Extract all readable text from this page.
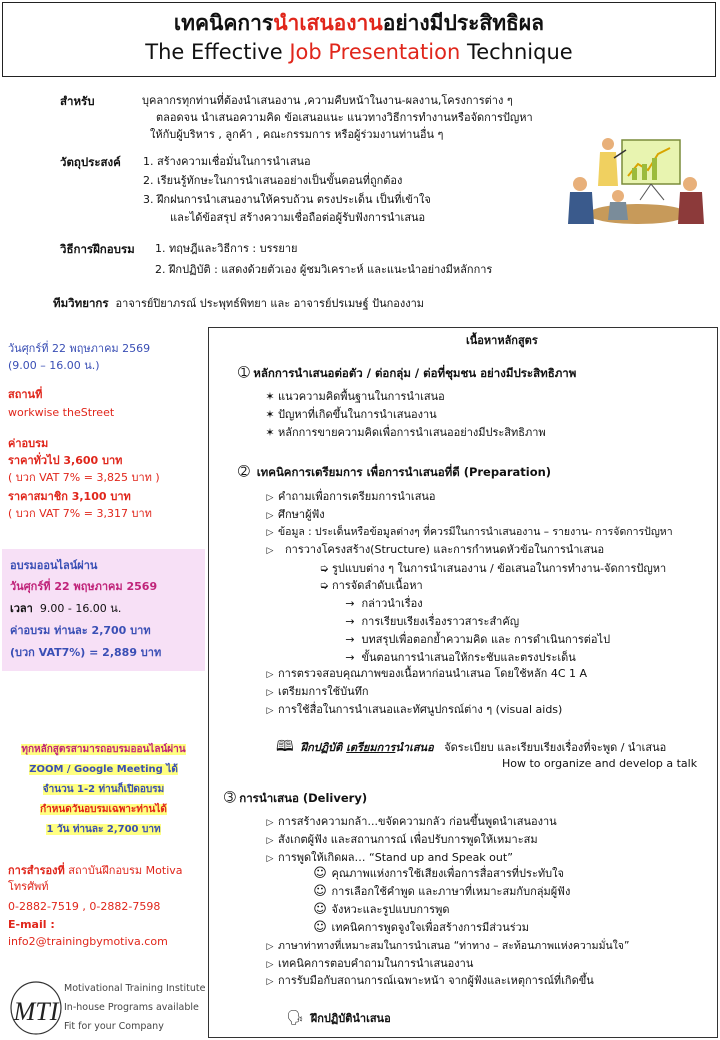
เทคนิคการนำเสนองานอย่างมีประสิทธิผล
The Effective Job Presentation Technique
สำหรับ	บุคลากรทุกท่านที่ต้องนำเสนองาน ,ความคืบหน้าในงาน-ผลงาน,โครงการต่าง ๆ
ตลอดจน นำเสนอความคิด ข้อเสนอแนะ แนวทางวิธีการทำงานหรือจัดการปัญหา
ให้กับผู้บริหาร , ลูกค้า , คณะกรรมการ หรือผู้ร่วมงานท่านอื่น ๆ
วัตถุประสงค์ 1. สร้างความเชื่อมั่นในการนำเสนอ
2. เรียนรู้ทักษะในการนำเสนออย่างเป็นขั้นตอนที่ถูกต้อง
3. ฝึกฝนการนำเสนองานให้ครบถ้วน ตรงประเด็น เป็นที่เข้าใจ
และได้ข้อสรุป สร้างความเชื่อถือต่อผู้รับฟังการนำเสนอ
วิธีการฝึกอบรม 1. ทฤษฎีและวิธีการ : บรรยาย
2. ฝึกปฏิบัติ : แสดงด้วยตัวเอง ผู้ชมวิเคราะห์ และแนะนำอย่างมีหลักการ
ทีมวิทยากร อาจารย์ปิยาภรณ์ ประพุทธ์พิทยา และ อาจารย์ปรเมษฐ์ ปันกองงาม
วันศุกร์ที่ 22 พฤษภาคม 2569
(9.00 – 16.00 น.)
สถานที่
workwise theStreet
ค่าอบรม
ราคาทั่วไป 3,600 บาท
( บวก VAT 7% = 3,825 บาท )
ราคาสมาชิก 3,100 บาท
( บวก VAT 7% = 3,317 บาท
อบรมออนไลน์ผ่าน
วันศุกร์ที่ 22 พฤษภาคม 2569
เวลา 9.00 - 16.00 น.
ค่าอบรม ท่านละ 2,700 บาท
(บวก VAT7%) = 2,889 บาท
ทุกหลักสูตรสามารถอบรมออนไลน์ผ่าน
ZOOM / Google Meeting ได้
จำนวน 1-2 ท่านก็เปิดอบรม
กำหนดวันอบรมเฉพาะท่านได้
1 วัน ท่านละ 2,700 บาท
การสำรองที่ สถาบันฝึกอบรม Motiva
โทรศัพท์
0-2882-7519 , 0-2882-7598
E-mail :
info2@trainingbymotiva.com
MTI
Motivational Training Institute
In-house Programs available
Fit for your Company
เนื้อหาหลักสูตร
➀ หลักการนำเสนอต่อตัว / ต่อกลุ่ม / ต่อที่ชุมชน อย่างมีประสิทธิภาพ
✶ แนวความคิดพื้นฐานในการนำเสนอ
✶ ปัญหาที่เกิดขึ้นในการนำเสนองาน
✶ หลักการขายความคิดเพื่อการนำเสนออย่างมีประสิทธิภาพ
➁ เทคนิคการเตรียมการ เพื่อการนำเสนอที่ดี (Preparation)
▷ คำถามเพื่อการเตรียมการนำเสนอ
▷ ศึกษาผู้ฟัง
▷ ข้อมูล : ประเด็นหรือข้อมูลต่างๆ ที่ควรมีในการนำเสนองาน – รายงาน- การจัดการปัญหา
▷ การวางโครงสร้าง(Structure) และการกำหนดหัวข้อในการนำเสนอ
➭ รูปแบบต่าง ๆ ในการนำเสนองาน / ข้อเสนอในการทำงาน-จัดการปัญหา
➭ การจัดลำดับเนื้อหา
→ กล่าวนำเรื่อง
→ การเรียบเรียงเรื่องราวสาระสำคัญ
→ บทสรุปเพื่อตอกย้ำความคิด และ การดำเนินการต่อไป
→ ขั้นตอนการนำเสนอให้กระชับและตรงประเด็น
▷ การตรวจสอบคุณภาพของเนื้อหาก่อนนำเสนอ โดยใช้หลัก 4C 1 A
▷ เตรียมการใช้บันทึก
▷ การใช้สื่อในการนำเสนอและทัศนูปกรณ์ต่าง ๆ (visual aids)
🕮 ฝึกปฏิบัติ เตรียมการนำเสนอ จัดระเบียบ และเรียบเรียงเรื่องที่จะพูด / นำเสนอ
How to organize and develop a talk
➂ การนำเสนอ (Delivery)
▷ การสร้างความกล้า...ขจัดความกลัว ก่อนขึ้นพูดนำเสนองาน
▷ สังเกตผู้ฟัง และสถานการณ์ เพื่อปรับการพูดให้เหมาะสม
▷ การพูดให้เกิดผล… “Stand up and Speak out”
☺ คุณภาพแห่งการใช้เสียงเพื่อการสื่อสารที่ประทับใจ
☺ การเลือกใช้คำพูด และภาษาที่เหมาะสมกับกลุ่มผู้ฟัง
☺ จังหวะและรูปแบบการพูด
☺ เทคนิคการพูดจูงใจเพื่อสร้างการมีส่วนร่วม
▷ ภาษาท่าทางที่เหมาะสมในการนำเสนอ “ท่าทาง – สะท้อนภาพแห่งความมั่นใจ”
▷ เทคนิคการตอบคำถามในการนำเสนองาน
▷ การรับมือกับสถานการณ์เฉพาะหน้า จากผู้ฟังและเหตุการณ์ที่เกิดขึ้น
🗣 ฝึกปฏิบัตินำเสนอ
